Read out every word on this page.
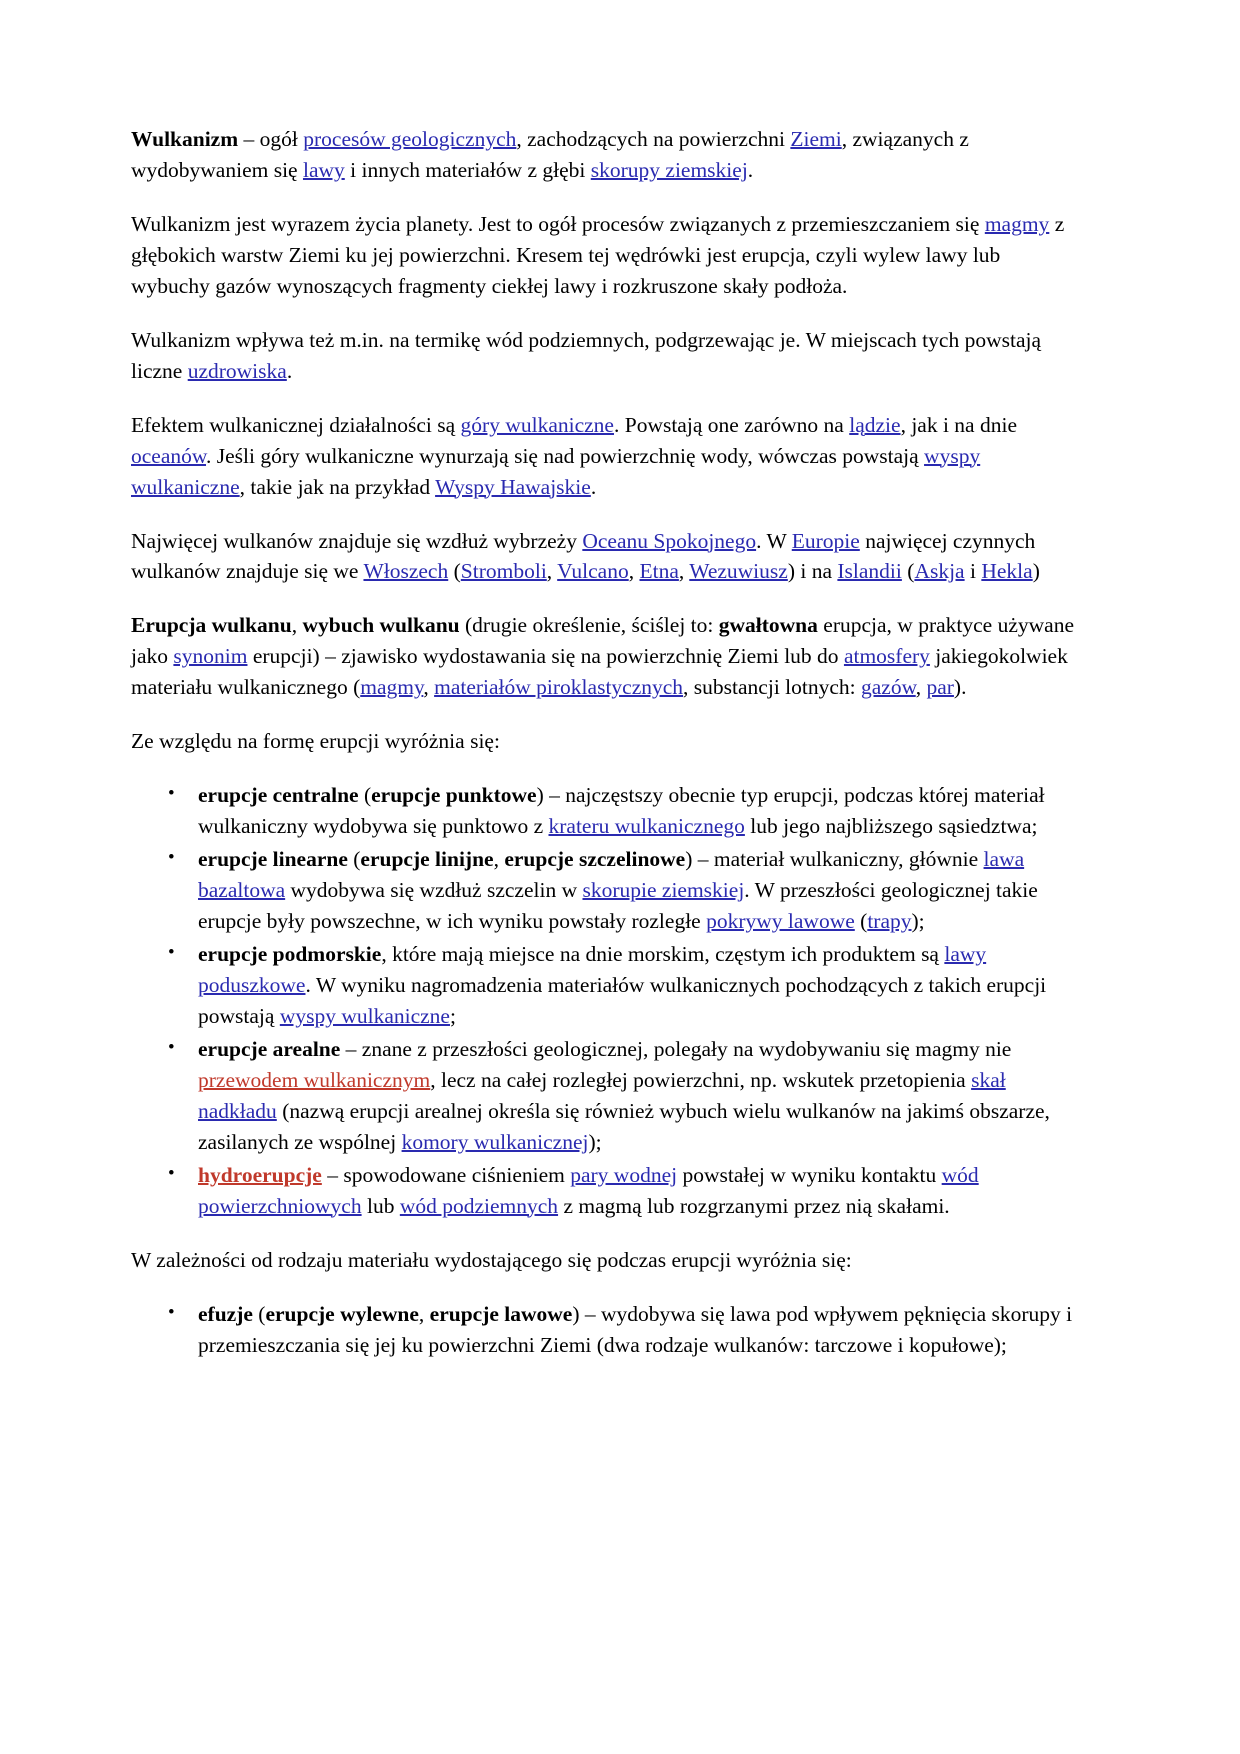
Wulkanizm – ogół procesów geologicznych, zachodzących na powierzchni Ziemi, związanych z wydobywaniem się lawy i innych materiałów z głębi skorupy ziemskiej.

Wulkanizm jest wyrazem życia planety. Jest to ogół procesów związanych z przemieszczaniem się magmy z głębokich warstw Ziemi ku jej powierzchni. Kresem tej wędrówki jest erupcja, czyli wylew lawy lub wybuchy gazów wynoszących fragmenty ciekłej lawy i rozkruszone skały podłoża.

Wulkanizm wpływa też m.in. na termikę wód podziemnych, podgrzewając je. W miejscach tych powstają liczne uzdrowiska.

Efektem wulkanicznej działalności są góry wulkaniczne. Powstają one zarówno na lądzie, jak i na dnie oceanów. Jeśli góry wulkaniczne wynurzają się nad powierzchnię wody, wówczas powstają wyspy wulkaniczne, takie jak na przykład Wyspy Hawajskie.

Najwięcej wulkanów znajduje się wzdłuż wybrzeży Oceanu Spokojnego. W Europie najwięcej czynnych wulkanów znajduje się we Włoszech (Stromboli, Vulcano, Etna, Wezuwiusz) i na Islandii (Askja i Hekla)

Erupcja wulkanu, wybuch wulkanu (drugie określenie, ściślej to: gwałtowna erupcja, w praktyce używane jako synonim erupcji) – zjawisko wydostawania się na powierzchnię Ziemi lub do atmosfery jakiegokolwiek materiału wulkanicznego (magmy, materiałów piroklastycznych, substancji lotnych: gazów, par).

Ze względu na formę erupcji wyróżnia się:

• erupcje centralne (erupcje punktowe) – najczęstszy obecnie typ erupcji, podczas której materiał wulkaniczny wydobywa się punktowo z krateru wulkanicznego lub jego najbliższego sąsiedztwa;
• erupcje linearne (erupcje linijne, erupcje szczelinowe) – materiał wulkaniczny, głównie lawa bazaltowa wydobywa się wzdłuż szczelin w skorupie ziemskiej. W przeszłości geologicznej takie erupcje były powszechne, w ich wyniku powstały rozległe pokrywy lawowe (trapy);
• erupcje podmorskie, które mają miejsce na dnie morskim, częstym ich produktem są lawy poduszkowe. W wyniku nagromadzenia materiałów wulkanicznych pochodzących z takich erupcji powstają wyspy wulkaniczne;
• erupcje arealne – znane z przeszłości geologicznej, polegały na wydobywaniu się magmy nie przewodem wulkanicznym, lecz na całej rozległej powierzchni, np. wskutek przetopienia skał nadkładu (nazwą erupcji arealnej określa się również wybuch wielu wulkanów na jakimś obszarze, zasilanych ze wspólnej komory wulkanicznej);
• hydroerupcje – spowodowane ciśnieniem pary wodnej powstałej w wyniku kontaktu wód powierzchniowych lub wód podziemnych z magmą lub rozgrzanymi przez nią skałami.

W zależności od rodzaju materiału wydostającego się podczas erupcji wyróżnia się:

• efuzje (erupcje wylewne, erupcje lawowe) – wydobywa się lawa pod wpływem pęknięcia skorupy i przemieszczania się jej ku powierzchni Ziemi (dwa rodzaje wulkanów: tarczowe i kopułowe);
